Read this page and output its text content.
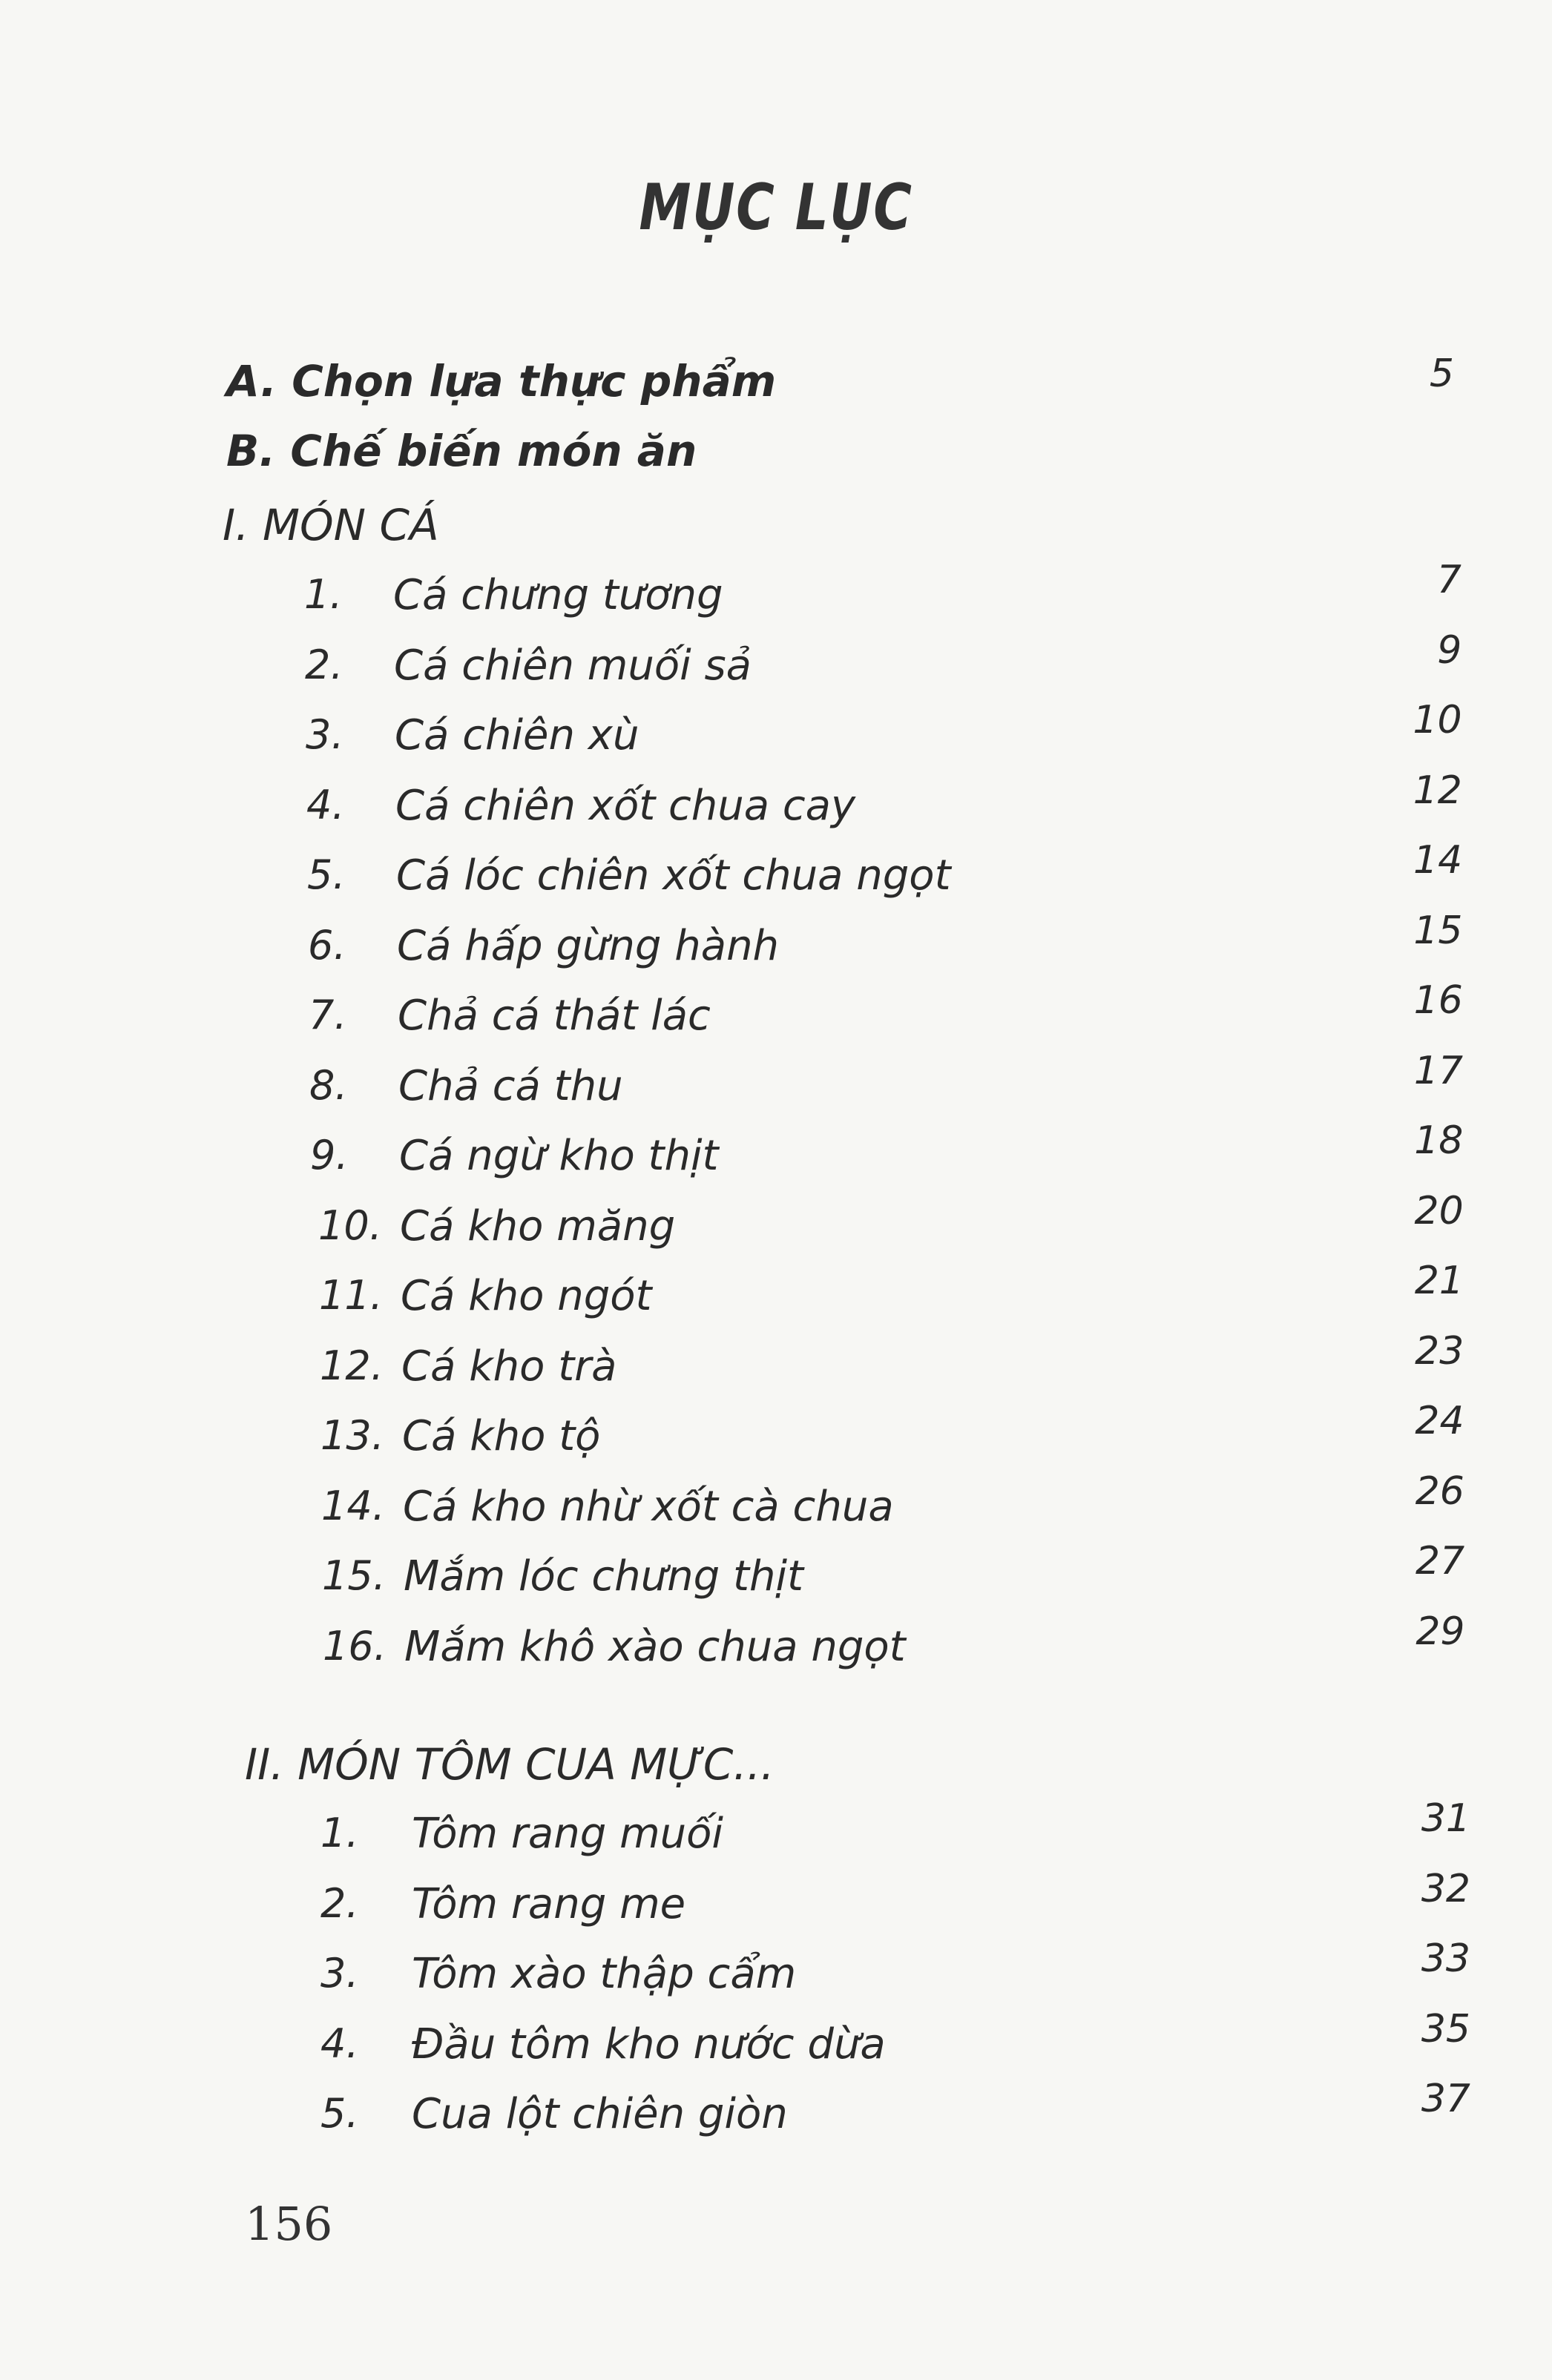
MỤC LỤC
A. Chọn lựa thực phẩm	5
B. Chế biến món ăn
I. MÓN CÁ
1. Cá chưng tương	7
2. Cá chiên muối sả	9
3. Cá chiên xù	10
4. Cá chiên xốt chua cay	12
5. Cá lóc chiên xốt chua ngọt	14
6. Cá hấp gừng hành	15
7. Chả cá thát lác	16
8. Chả cá thu	17
9. Cá ngừ kho thịt	18
10. Cá kho măng	20
11. Cá kho ngót	21
12. Cá kho trà	23
13. Cá kho tộ	24
14. Cá kho nhừ xốt cà chua	26
15. Mắm lóc chưng thịt	27
16. Mắm khô xào chua ngọt	29
II. MÓN TÔM CUA MỰC...
1. Tôm rang muối	31
2. Tôm rang me	32
3. Tôm xào thập cẩm	33
4. Đầu tôm kho nước dừa	35
5. Cua lột chiên giòn	37
156
